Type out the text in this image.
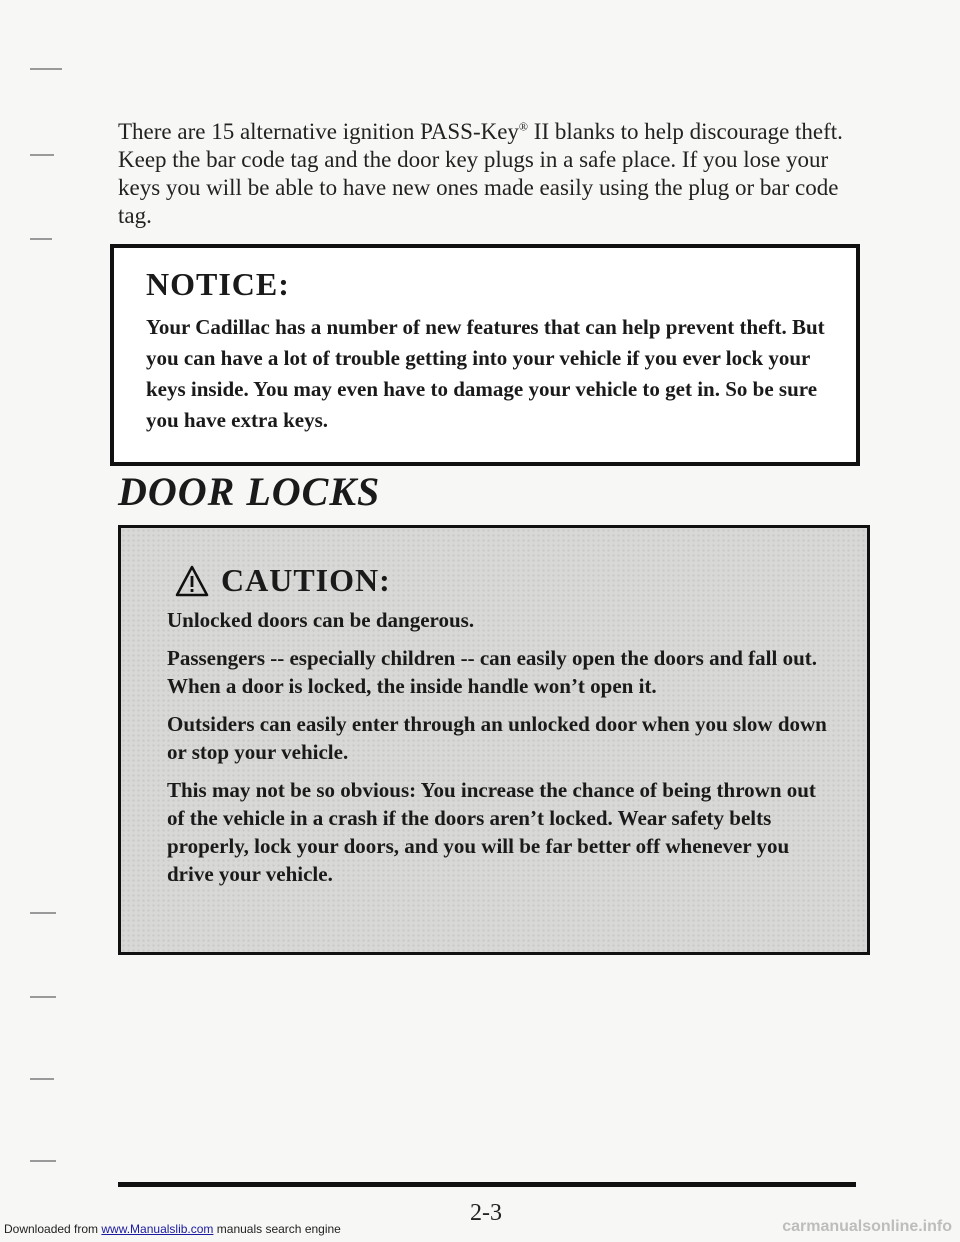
There are 15 alternative ignition PASS-Key® II blanks to help discourage theft. Keep the bar code tag and the door key plugs in a safe place. If you lose your keys you will be able to have new ones made easily using the plug or bar code tag.
NOTICE:
Your Cadillac has a number of new features that can help prevent theft. But you can have a lot of trouble getting into your vehicle if you ever lock your keys inside. You may even have to damage your vehicle to get in. So be sure you have extra keys.
DOOR LOCKS
CAUTION:

Unlocked doors can be dangerous.

Passengers -- especially children -- can easily open the doors and fall out. When a door is locked, the inside handle won’t open it.

Outsiders can easily enter through an unlocked door when you slow down or stop your vehicle.

This may not be so obvious: You increase the chance of being thrown out of the vehicle in a crash if the doors aren’t locked. Wear safety belts properly, lock your doors, and you will be far better off whenever you drive your vehicle.

2-3
Downloaded from www.Manualslib.com manuals search engine	carmanualsonline.info
